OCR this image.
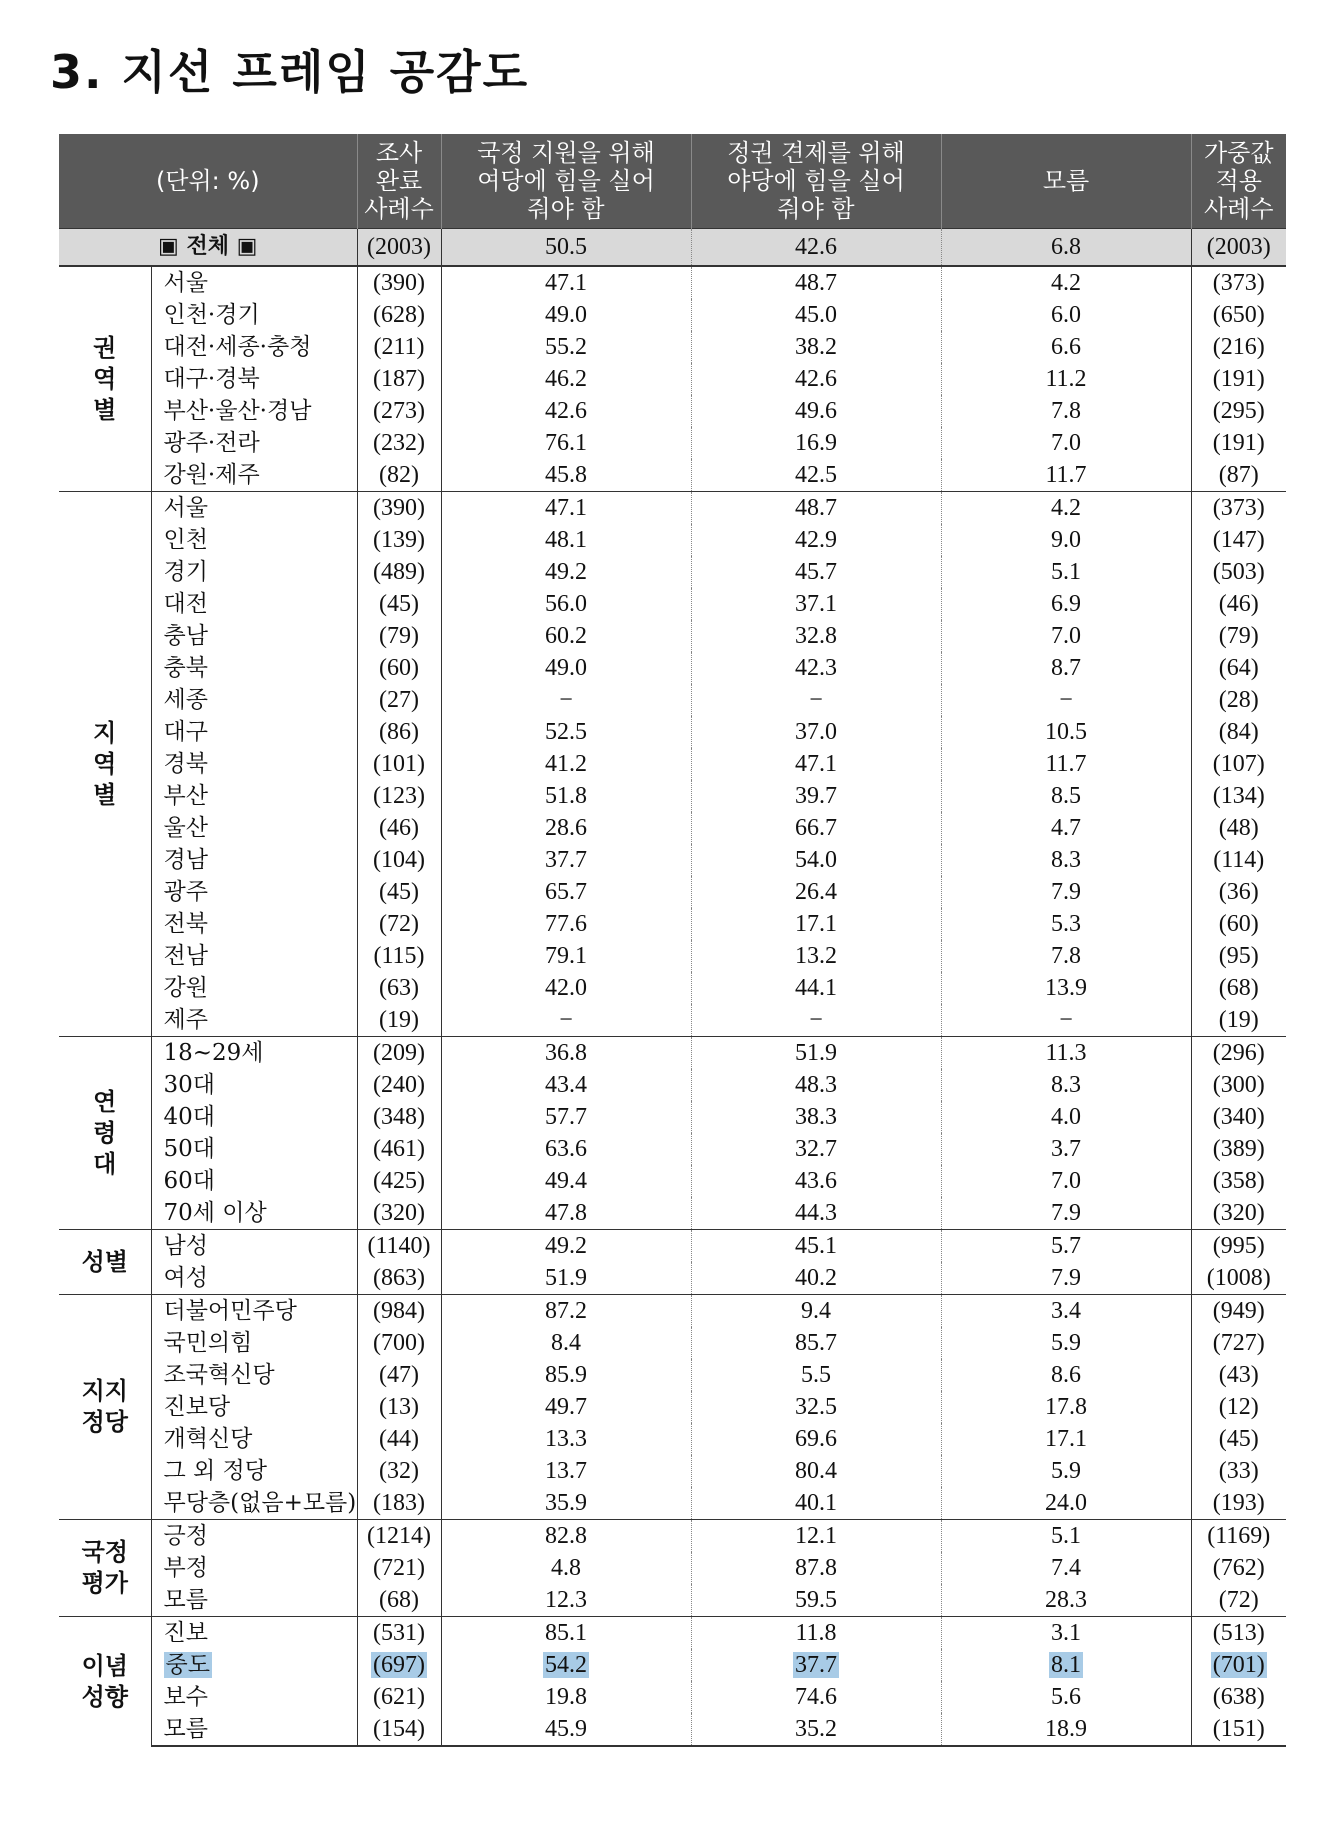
3. 지선 프레임 공감도
(단위: %)		조사
완료
사례수	국정 지원을 위해
여당에 힘을 실어
줘야 함	정권 견제를 위해
야당에 힘을 실어
줘야 함	모름	가중값
적용
사례수
▣ 전체 ▣		(2003)	50.5	42.6	6.8	(2003)
권
역
별	서울	(390)	47.1	48.7	4.2	(373)
	인천·경기	(628)	49.0	45.0	6.0	(650)
	대전·세종·충청	(211)	55.2	38.2	6.6	(216)
	대구·경북	(187)	46.2	42.6	11.2	(191)
	부산·울산·경남	(273)	42.6	49.6	7.8	(295)
	광주·전라	(232)	76.1	16.9	7.0	(191)
	강원·제주	(82)	45.8	42.5	11.7	(87)
지
역
별	서울	(390)	47.1	48.7	4.2	(373)
	인천	(139)	48.1	42.9	9.0	(147)
	경기	(489)	49.2	45.7	5.1	(503)
	대전	(45)	56.0	37.1	6.9	(46)
	충남	(79)	60.2	32.8	7.0	(79)
	충북	(60)	49.0	42.3	8.7	(64)
	세종	(27)	−	−	−	(28)
	대구	(86)	52.5	37.0	10.5	(84)
	경북	(101)	41.2	47.1	11.7	(107)
	부산	(123)	51.8	39.7	8.5	(134)
	울산	(46)	28.6	66.7	4.7	(48)
	경남	(104)	37.7	54.0	8.3	(114)
	광주	(45)	65.7	26.4	7.9	(36)
	전북	(72)	77.6	17.1	5.3	(60)
	전남	(115)	79.1	13.2	7.8	(95)
	강원	(63)	42.0	44.1	13.9	(68)
	제주	(19)	−	−	−	(19)
연
령
대	18~29세	(209)	36.8	51.9	11.3	(296)
	30대	(240)	43.4	48.3	8.3	(300)
	40대	(348)	57.7	38.3	4.0	(340)
	50대	(461)	63.6	32.7	3.7	(389)
	60대	(425)	49.4	43.6	7.0	(358)
	70세 이상	(320)	47.8	44.3	7.9	(320)
성별	남성	(1140)	49.2	45.1	5.7	(995)
	여성	(863)	51.9	40.2	7.9	(1008)
지지
정당	더불어민주당	(984)	87.2	9.4	3.4	(949)
	국민의힘	(700)	8.4	85.7	5.9	(727)
	조국혁신당	(47)	85.9	5.5	8.6	(43)
	진보당	(13)	49.7	32.5	17.8	(12)
	개혁신당	(44)	13.3	69.6	17.1	(45)
	그 외 정당	(32)	13.7	80.4	5.9	(33)
	무당층(없음+모름)	(183)	35.9	40.1	24.0	(193)
국정
평가	긍정	(1214)	82.8	12.1	5.1	(1169)
	부정	(721)	4.8	87.8	7.4	(762)
	모름	(68)	12.3	59.5	28.3	(72)
이념
성향	진보	(531)	85.1	11.8	3.1	(513)
	중도	(697)	54.2	37.7	8.1	(701)
	보수	(621)	19.8	74.6	5.6	(638)
	모름	(154)	45.9	35.2	18.9	(151)
